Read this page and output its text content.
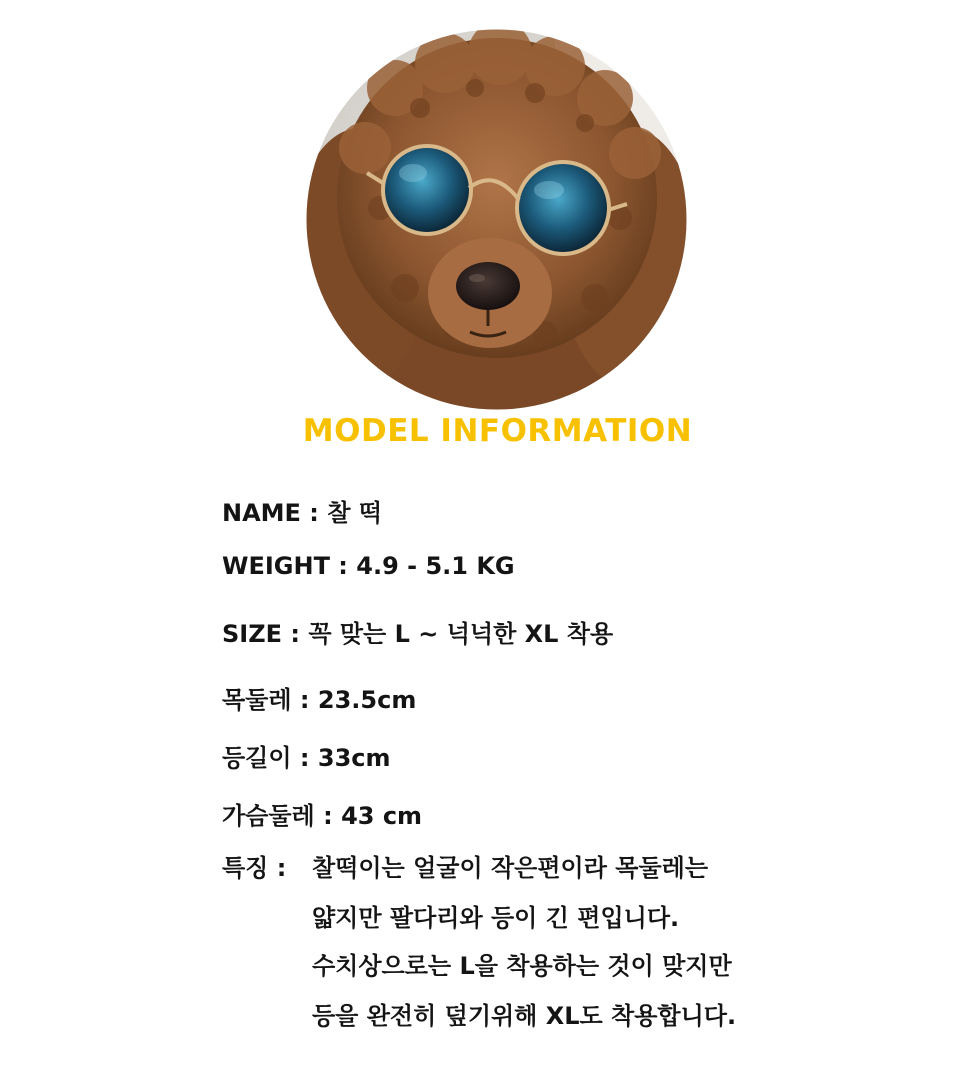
MODEL INFORMATION
NAME : 찰 떡
WEIGHT : 4.9 - 5.1 KG
SIZE : 꼭 맞는 L ~ 넉넉한 XL 착용
목둘레 : 23.5cm
등길이 : 33cm
가슴둘레 : 43 cm
특징 : 찰떡이는 얼굴이 작은편이라 목둘레는
얇지만 팔다리와 등이 긴 편입니다.
수치상으로는 L을 착용하는 것이 맞지만
등을 완전히 덮기위해 XL도 착용합니다.
